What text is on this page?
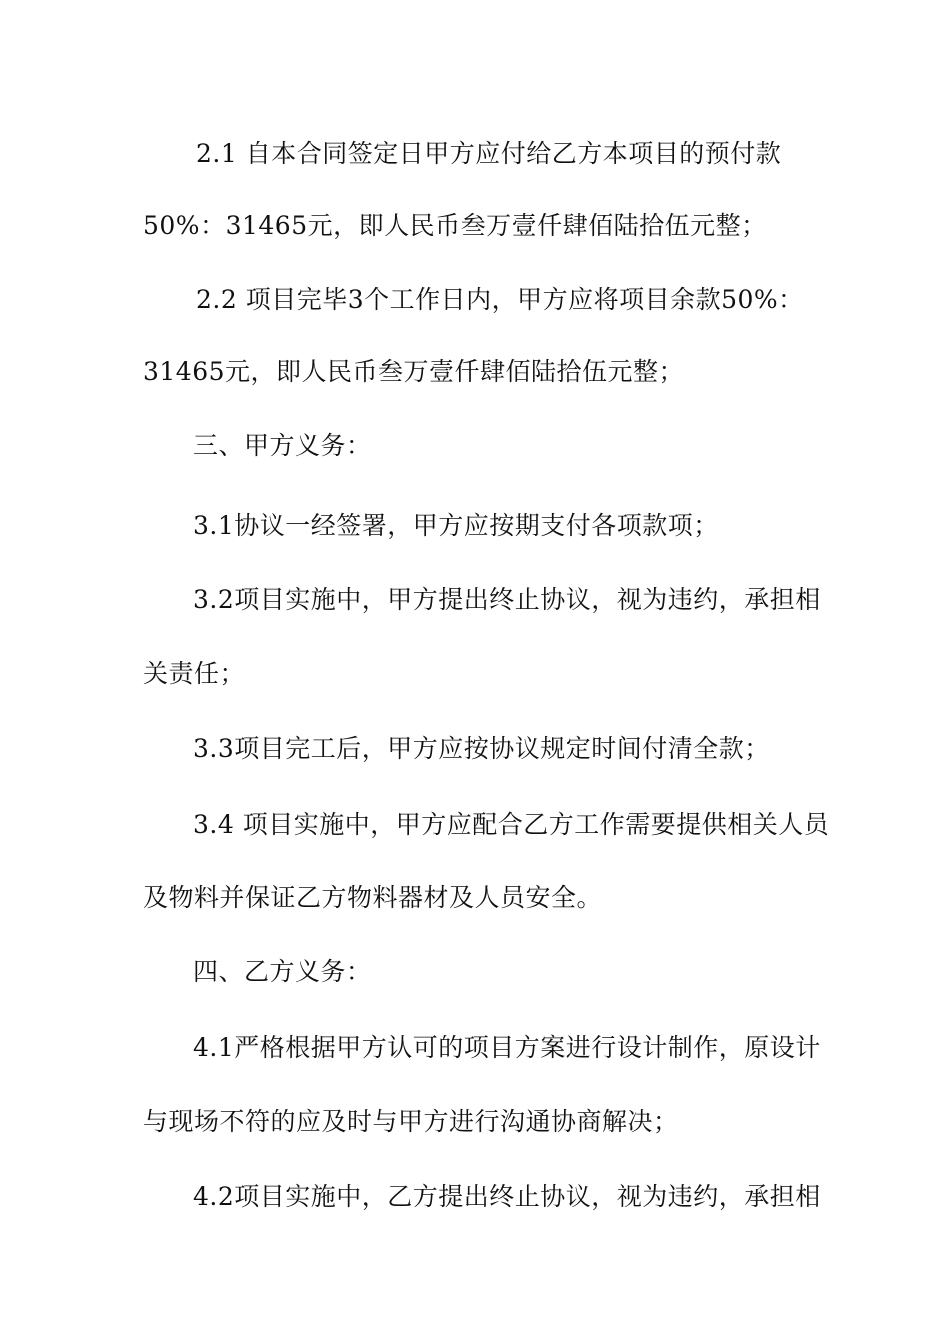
2.1 自本合同签定日甲方应付给乙方本项目的预付款
50%：31465元，即人民币叁万壹仟肆佰陆拾伍元整；
2.2 项目完毕3个工作日内，甲方应将项目余款50%：
31465元，即人民币叁万壹仟肆佰陆拾伍元整；
三、甲方义务：
3.1协议一经签署，甲方应按期支付各项款项；
3.2项目实施中，甲方提出终止协议，视为违约，承担相
关责任；
3.3项目完工后，甲方应按协议规定时间付清全款；
3.4 项目实施中，甲方应配合乙方工作需要提供相关人员
及物料并保证乙方物料器材及人员安全。
四、乙方义务：
4.1严格根据甲方认可的项目方案进行设计制作，原设计
与现场不符的应及时与甲方进行沟通协商解决；
4.2项目实施中，乙方提出终止协议，视为违约，承担相
